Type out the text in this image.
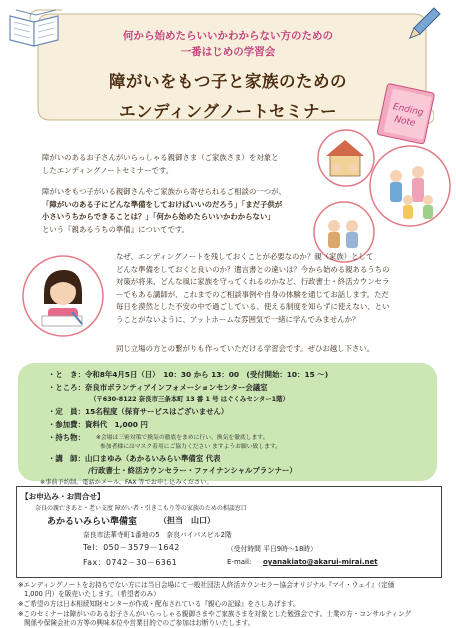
Ending
Note
何から始めたらいいかわからない方のための
一番はじめの学習会
障がいをもつ子と家族のための
エンディングノートセミナー
障がいのあるお子さんがいらっしゃる親御さま（ご家族さま）を対象と
したエンディングノートセミナーです。
障がいをもつ子がいる親御さんやご家族から寄せられるご相談の一つが、
「障がいのある子にどんな準備をしておけばいいのだろう」「まだ子供が
小さいうちからできることは？」「何から始めたらいいかわからない」
という『親あるうちの準備』についてです。
なぜ、エンディングノートを残しておくことが必要なのか？親（家族）として
どんな準備をしておくと良いのか？遺言書との違いは？今から始める親あるうちの
対策が将来、どんな風に家族を守ってくれるのかなど、行政書士・終活カウンセラ
ーでもある講師が、これまでのご相談事例や自身の体験を通じてお話します。ただ
毎日を漠然とした不安の中で過ごしている、使える制度を知らずに使えない、とい
うことがないように、アットホームな雰囲気で一緒に学んでみませんか？
同じ立場の方との繋がりも作っていただける学習会です。ぜひお越し下さい。
・と　き：令和8年4月5日（日）　10：30 から 13：00　(受付開始：10：15 ～)
・ところ：奈良市ボランティアインフォメーションセンター会議室
（〒630-8122 奈良市三条本町 13 番 1 号 はぐくみセンター1階）
・定　員：15名程度（保育サービスはございません）
・参加費：資料代　1,000 円
・持ち物： ※会場は三密対策で換気の徹底をまめに行い、換気を徹底します。
参加者様にはマスク着用にご協力ください ますようお願い致します。
・講　師：山口まゆみ（あかるいみらい準備室 代表
/行政書士・終活カウンセラー・ファイナンシャルプランナー）
※事前予約制。電話かメール、FAX 等でお申し込みください。
【お申込み・お問合せ】
奈良の親亡きあと・老い支度 障がい者・引きこもり等の家族のための相談窓口
あかるいみらい準備室	（担当　山口）
奈良市法華寺町1番地の5　奈良バイパスビル2階
Tel：050－3579－1642	（受付時間 平日9時～18時）
Fax：0742－30－6361	E-mail: oyanakiato@akarui-mirai.net
※エンディングノートをお持ちでない方には当日会場にて一般社団法人終活カウンセラー協会オリジナル『マイ・ウェイ』（定価
1,000 円）を販売いたします。（希望者のみ）
※ご希望の方は日本相続知財センターが作成・配布されている『親心の記録』をさしあげます。
※このセミナーは障がいのあるお子さんがいらっしゃる親御さまやご家族さまを対象とした勉強会です。士業の方・コンサルティング
関係や保険会社の方等の興味本位や営業目的でのご参加はお断りいたします。
